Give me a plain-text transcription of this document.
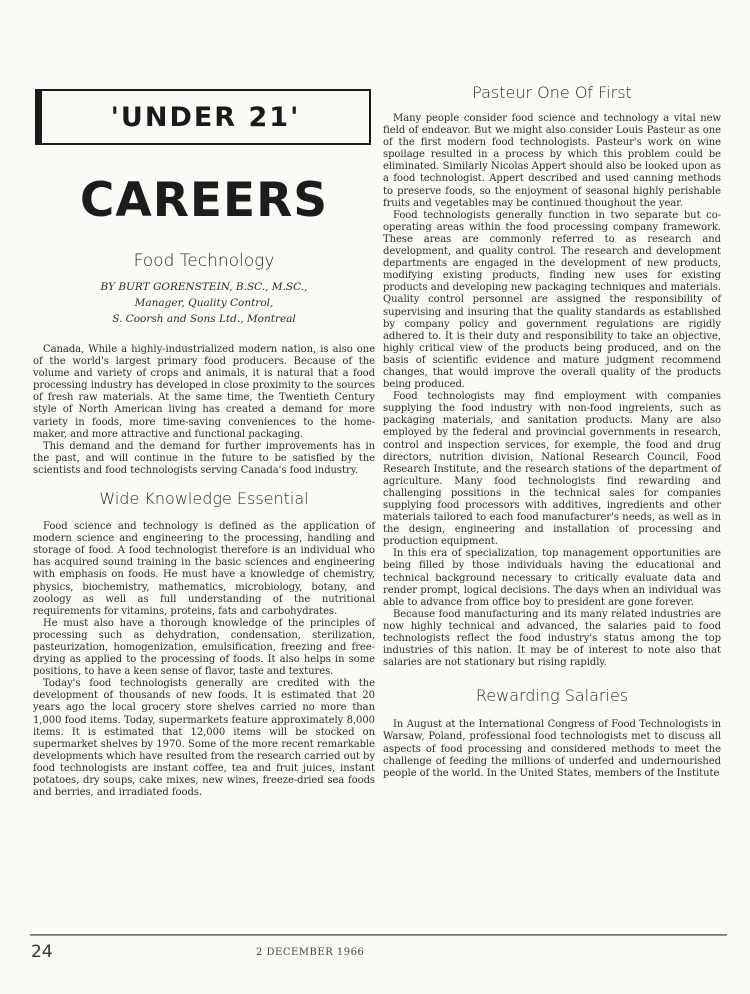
'UNDER 21'
CAREERS
Food Technology
BY BURT GORENSTEIN, B.SC., M.SC.,
Manager, Quality Control,
S. Coorsh and Sons Ltd., Montreal

Canada, While a highly-industrialized modern nation, is also one of the world's largest primary food producers. Because of the volume and variety of crops and animals, it is natural that a food processing industry has developed in close proximity to the sources of fresh raw materials. At the same time, the Twentieth Century style of North American living has created a demand for more variety in foods, more time-saving conveniences to the home-maker, and more attractive and functional packaging.

This demand and the demand for further improvements has in the past, and will continue in the future to be satisfied by the scientists and food technologists serving Canada's food industry.

Wide Knowledge Essential

Food science and technology is defined as the application of modern science and engineering to the processing, handling and storage of food. A food technologist therefore is an individual who has acquired sound training in the basic sciences and engineering with emphasis on foods. He must have a knowledge of chemistry, physics, biochemistry, mathematics, microbiology, botany, and zoology as well as full understanding of the nutritional requirements for vitamins, proteins, fats and carbohydrates.

He must also have a thorough knowledge of the principles of processing such as dehydration, condensation, sterilization, pasteurization, homogenization, emulsification, freezing and free-drying as applied to the processing of foods. It also helps in some positions, to have a keen sense of flavor, taste and textures.

Today's food technologists generally are credited with the development of thousands of new foods. It is estimated that 20 years ago the local grocery store shelves carried no more than 1,000 food items. Today, supermarkets feature approximately 8,000 items. It is estimated that 12,000 items will be stocked on supermarket shelves by 1970. Some of the more recent remarkable developments which have resulted from the research carried out by food technologists are instant coffee, tea and fruit juices, instant potatoes, dry soups, cake mixes, new wines, freeze-dried sea foods and berries, and irradiated foods.

Pasteur One Of First

Many people consider food science and technology a vital new field of endeavor. But we might also consider Louis Pasteur as one of the first modern food technologists. Pasteur's work on wine spoilage resulted in a process by which this problem could be eliminated. Similarly Nicolas Appert should also be looked upon as a food technologist. Appert described and used canning methods to preserve foods, so the enjoyment of seasonal highly perishable fruits and vegetables may be continued thoughout the year.

Food technologists generally function in two separate but co-operating areas within the food processing company framework. These areas are commonly referred to as research and development, and quality control. The research and development departments are engaged in the development of new products, modifying existing products, finding new uses for existing products and developing new packaging techniques and materials. Quality control personnel are assigned the responsibility of supervising and insuring that the quality standards as established by company policy and government regulations are rigidly adhered to. It is their duty and responsibility to take an objective, highly critical view of the products being produced, and on the basis of scientific evidence and mature judgment recommend changes, that would improve the overall quality of the products being produced.

Food technologists may find employment with companies supplying the food industry with non-food ingreients, such as packaging materials, and sanitation products. Many are also employed by the federal and provincial governments in research, control and inspection services, for exemple, the food and drug directors, nutrition division, National Research Council, Food Research Institute, and the research stations of the department of agriculture. Many food technologists find rewarding and challenging possitions in the technical sales for companies supplying food processors with additives, ingredients and other materials tailored to each food manufacturer's needs, as well as in the design, engineering and installation of processing and production equipment.

In this era of specialization, top management opportunities are being filled by those individuals having the educational and technical background necessary to critically evaluate data and render prompt, logical decisions. The days when an individual was able to advance from office boy to president are gone forever.

Because food manufacturing and its many related industries are now highly technical and advanced, the salaries paid to food technologists reflect the food industry's status among the top industries of this nation. It may be of interest to note also that salaries are not stationary but rising rapidly.

Rewarding Salaries

In August at the International Congress of Food Technologists in Warsaw, Poland, professional food technologists met to discuss all aspects of food processing and considered methods to meet the challenge of feeding the millions of underfed and undernourished people of the world. In the United States, members of the Institute

24	2 DECEMBER 1966
